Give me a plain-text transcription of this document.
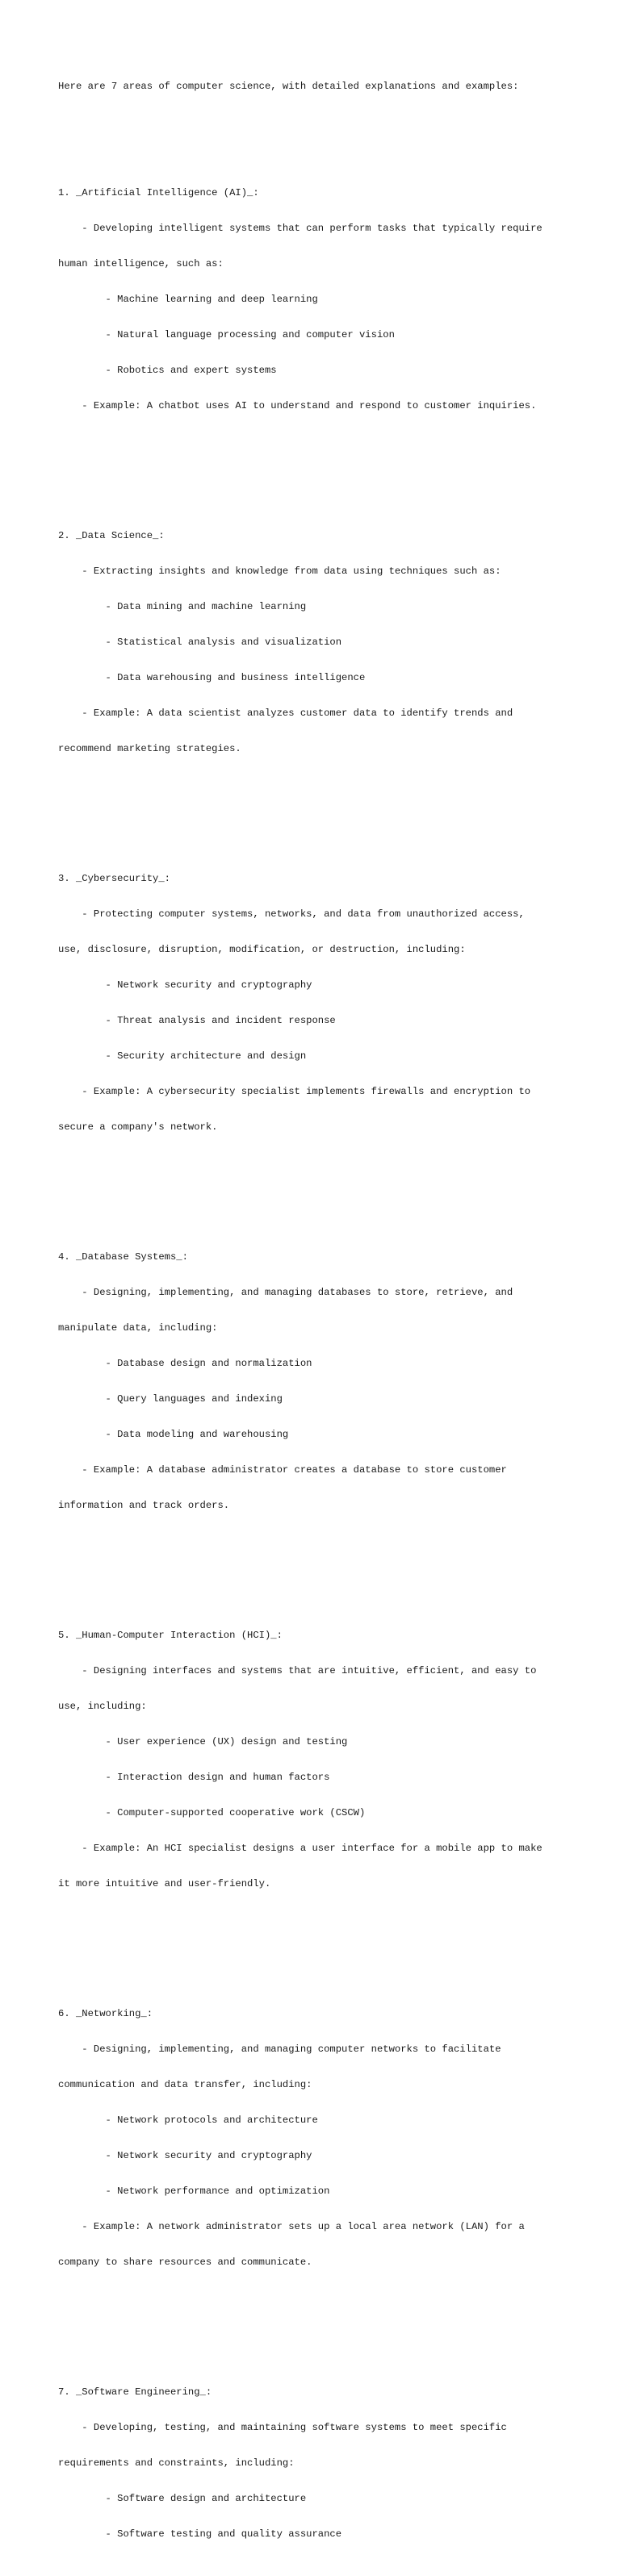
Here are 7 areas of computer science, with detailed explanations and examples:

1. _Artificial Intelligence (AI)_:

- Developing intelligent systems that can perform tasks that typically require

human intelligence, such as:

- Machine learning and deep learning

- Natural language processing and computer vision

- Robotics and expert systems

- Example: A chatbot uses AI to understand and respond to customer inquiries.

2. _Data Science_:

- Extracting insights and knowledge from data using techniques such as:

- Data mining and machine learning

- Statistical analysis and visualization

- Data warehousing and business intelligence

- Example: A data scientist analyzes customer data to identify trends and

recommend marketing strategies.

3. _Cybersecurity_:

- Protecting computer systems, networks, and data from unauthorized access,

use, disclosure, disruption, modification, or destruction, including:

- Network security and cryptography

- Threat analysis and incident response

- Security architecture and design

- Example: A cybersecurity specialist implements firewalls and encryption to

secure a company's network.

4. _Database Systems_:

- Designing, implementing, and managing databases to store, retrieve, and

manipulate data, including:

- Database design and normalization

- Query languages and indexing

- Data modeling and warehousing

- Example: A database administrator creates a database to store customer

information and track orders.

5. _Human-Computer Interaction (HCI)_:

- Designing interfaces and systems that are intuitive, efficient, and easy to

use, including:

- User experience (UX) design and testing

- Interaction design and human factors

- Computer-supported cooperative work (CSCW)

- Example: An HCI specialist designs a user interface for a mobile app to make

it more intuitive and user-friendly.

6. _Networking_:

- Designing, implementing, and managing computer networks to facilitate

communication and data transfer, including:

- Network protocols and architecture

- Network security and cryptography

- Network performance and optimization

- Example: A network administrator sets up a local area network (LAN) for a

company to share resources and communicate.

7. _Software Engineering_:

- Developing, testing, and maintaining software systems to meet specific

requirements and constraints, including:

- Software design and architecture

- Software testing and quality assurance
